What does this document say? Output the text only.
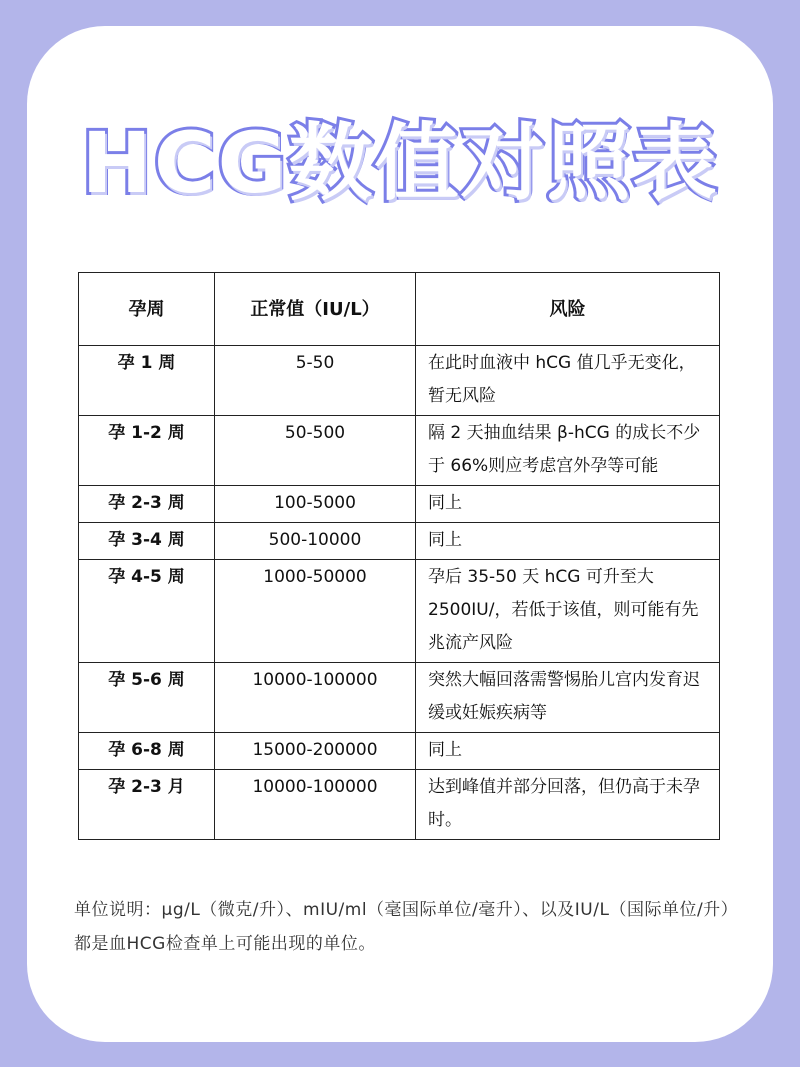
HCG数值对照表
孕周	正常值（IU/L）	风险
孕 1 周	5-50	在此时血液中 hCG 值几乎无变化，暂无风险
孕 1-2 周	50-500	隔 2 天抽血结果 β-hCG 的成长不少于 66%则应考虑宫外孕等可能
孕 2-3 周	100-5000	同上
孕 3-4 周	500-10000	同上
孕 4-5 周	1000-50000	孕后 35-50 天 hCG 可升至大 2500IU/，若低于该值，则可能有先兆流产风险
孕 5-6 周	10000-100000	突然大幅回落需警惕胎儿宫内发育迟缓或妊娠疾病等
孕 6-8 周	15000-200000	同上
孕 2-3 月	10000-100000	达到峰值并部分回落，但仍高于未孕时。
单位说明：μg/L（微克/升）、mIU/ml（毫国际单位/毫升）、以及IU/L（国际单位/升）都是血HCG检查单上可能出现的单位。
